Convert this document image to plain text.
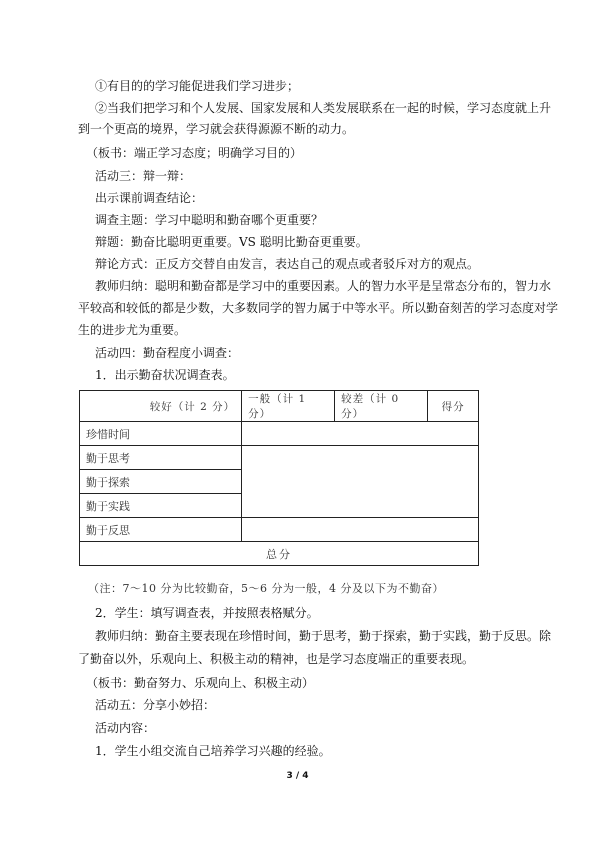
①有目的的学习能促进我们学习进步；
②当我们把学习和个人发展、国家发展和人类发展联系在一起的时候，学习态度就上升
到一个更高的境界，学习就会获得源源不断的动力。
（板书：端正学习态度；明确学习目的）
活动三：辩一辩：
出示课前调查结论：
调查主题：学习中聪明和勤奋哪个更重要？
辩题：勤奋比聪明更重要。VS 聪明比勤奋更重要。
辩论方式：正反方交替自由发言，表达自己的观点或者驳斥对方的观点。
教师归纳：聪明和勤奋都是学习中的重要因素。人的智力水平是呈常态分布的，智力水
平较高和较低的都是少数，大多数同学的智力属于中等水平。所以勤奋刻苦的学习态度对学
生的进步尤为重要。
活动四：勤奋程度小调查：
1．出示勤奋状况调查表。
较好（计 2 分）	一般（计 1 分）	较差（计 0 分）	得分
珍惜时间			
勤于思考			
勤于探索			
勤于实践			
勤于反思			
总分			
（注：7～10 分为比较勤奋，5～6 分为一般，4 分及以下为不勤奋）
2．学生：填写调查表，并按照表格赋分。
教师归纳：勤奋主要表现在珍惜时间，勤于思考，勤于探索，勤于实践，勤于反思。除
了勤奋以外，乐观向上、积极主动的精神，也是学习态度端正的重要表现。
（板书：勤奋努力、乐观向上、积极主动）
活动五：分享小妙招：
活动内容：
1．学生小组交流自己培养学习兴趣的经验。
3 / 4
